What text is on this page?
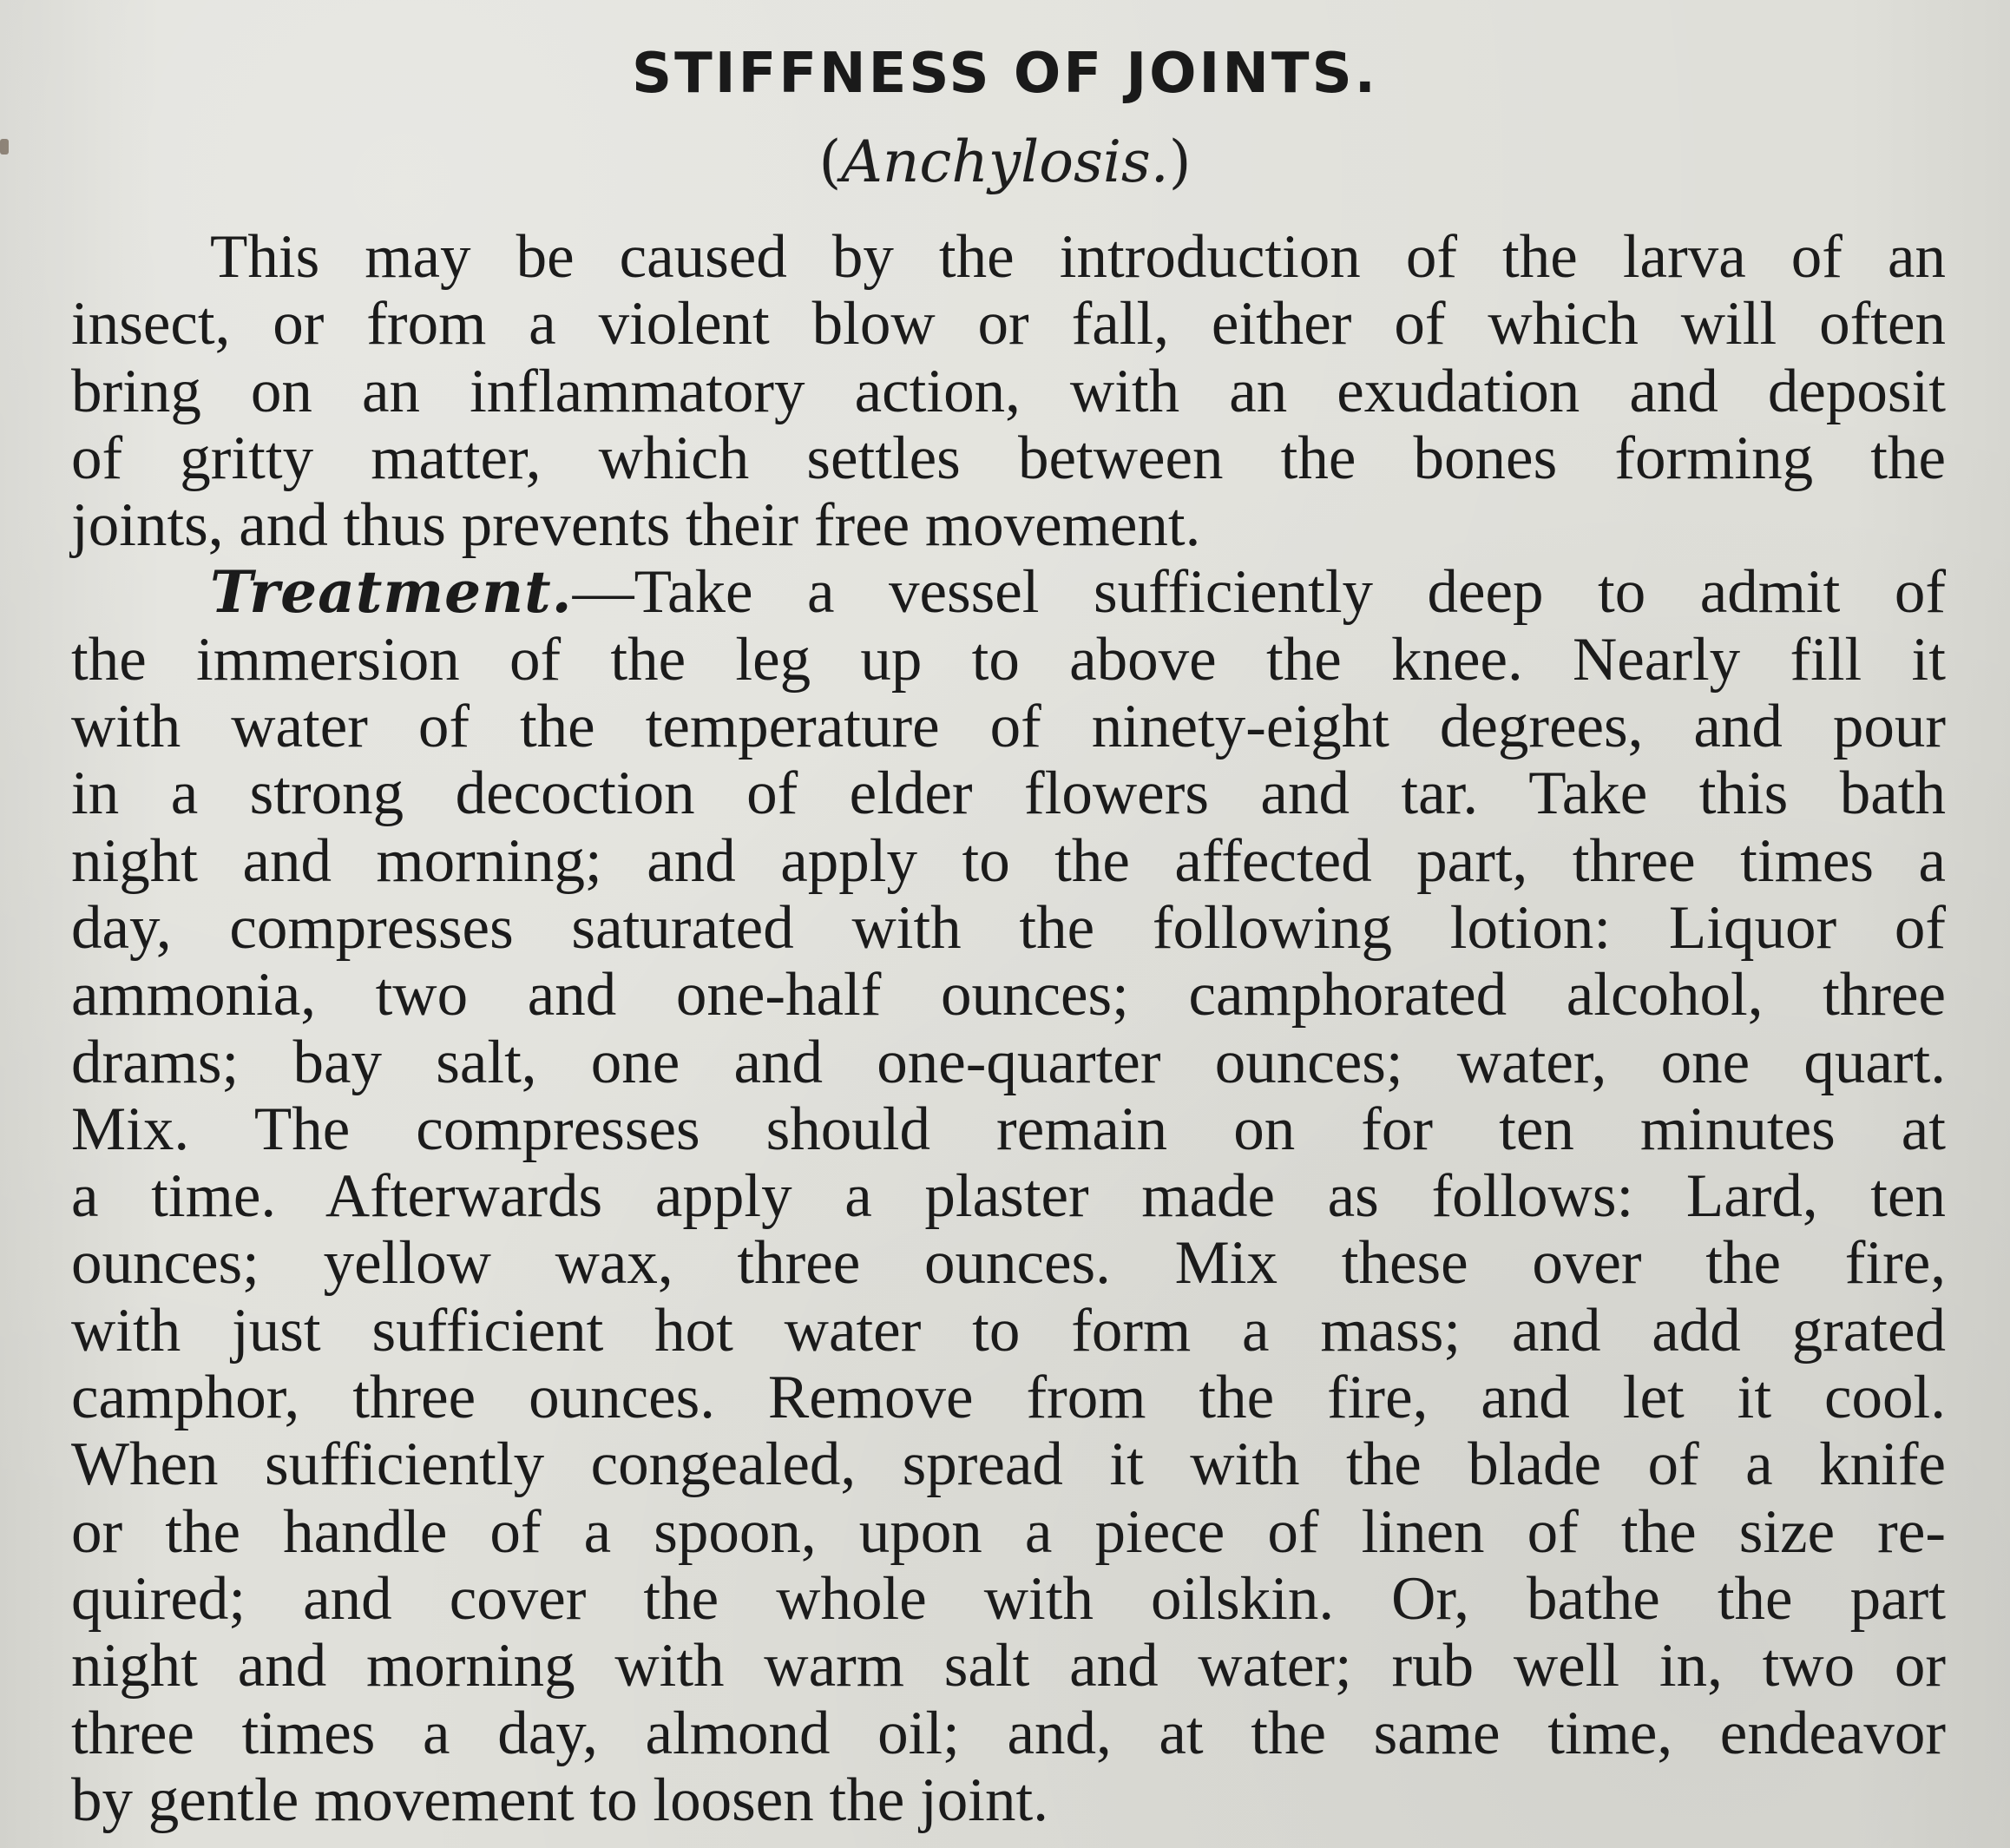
STIFFNESS OF JOINTS.
(Anchylosis.)
This may be caused by the introduction of the larva of an
insect, or from a violent blow or fall, either of which will often
bring on an inflammatory action, with an exudation and deposit
of gritty matter, which settles between the bones forming the
joints, and thus prevents their free movement.
Treatment.—Take a vessel sufficiently deep to admit of
the immersion of the leg up to above the knee. Nearly fill it
with water of the temperature of ninety-eight degrees, and pour
in a strong decoction of elder flowers and tar. Take this bath
night and morning; and apply to the affected part, three times a
day, compresses saturated with the following lotion: Liquor of
ammonia, two and one-half ounces; camphorated alcohol, three
drams; bay salt, one and one-quarter ounces; water, one quart.
Mix. The compresses should remain on for ten minutes at
a time. Afterwards apply a plaster made as follows: Lard, ten
ounces; yellow wax, three ounces. Mix these over the fire,
with just sufficient hot water to form a mass; and add grated
camphor, three ounces. Remove from the fire, and let it cool.
When sufficiently congealed, spread it with the blade of a knife
or the handle of a spoon, upon a piece of linen of the size re-
quired; and cover the whole with oilskin. Or, bathe the part
night and morning with warm salt and water; rub well in, two or
three times a day, almond oil; and, at the same time, endeavor
by gentle movement to loosen the joint.
